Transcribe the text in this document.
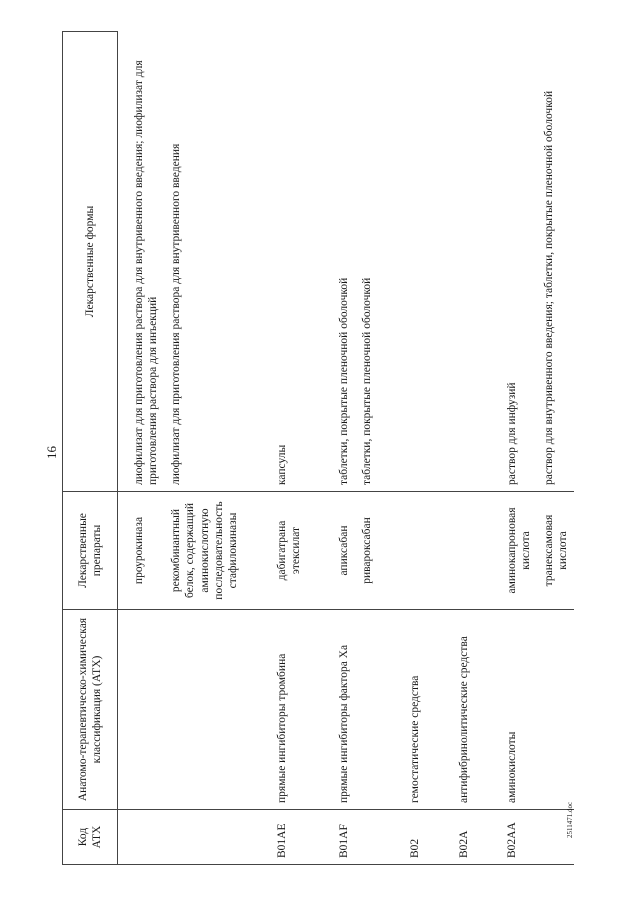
16
Код АТХ	Анатомо-терапевтическо-химическая классификация (АТХ)	Лекарственные препараты	Лекарственные формы
		проурокиназа	лиофилизат для приготовления раствора для внутривенного введения; лиофилизат для приготовления раствора для инъекций
		рекомбинантный белок, содержащий аминокислотную последовательность стафилокиназы	лиофилизат для приготовления раствора для внутривенного введения

B01AE	прямые ингибиторы тромбина	дабигатрана этексилат	капсулы

B01AF	прямые ингибиторы фактора Xa	апиксабан	таблетки, покрытые пленочной оболочкой
		ривароксабан	таблетки, покрытые пленочной оболочкой

B02	гемостатические средства		

B02A	антифибринолитические средства		

B02AA	аминокислоты	аминокапроновая кислота	раствор для инфузий
		транексамовая кислота	раствор для внутривенного введения; таблетки, покрытые пленочной оболочкой
2511471.doc
